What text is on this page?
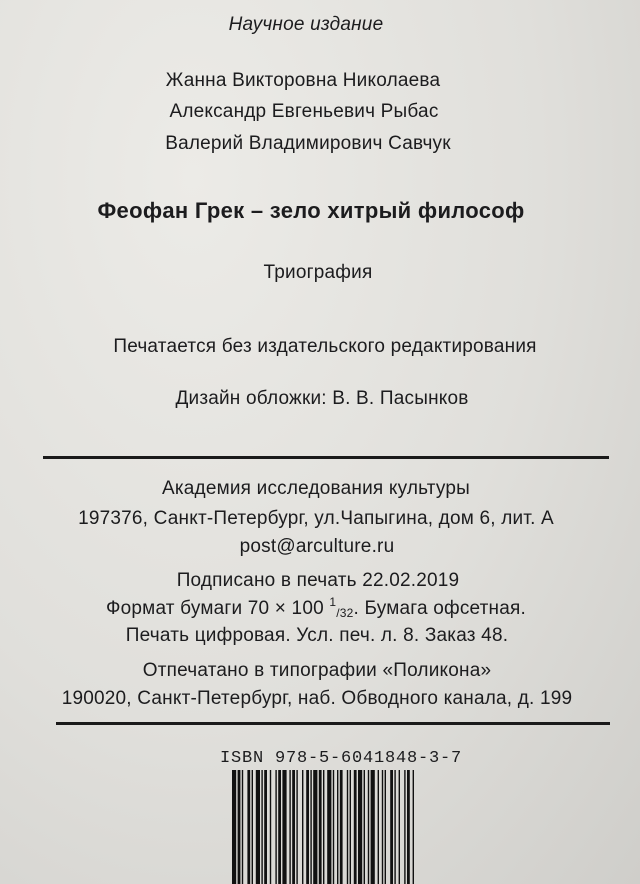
Научное издание
Жанна Викторовна Николаева
Александр Евгеньевич Рыбас
Валерий Владимирович Савчук
Феофан Грек – зело хитрый философ
Триография
Печатается без издательского редактирования
Дизайн обложки: В. В. Пасынков
Академия исследования культуры
197376, Санкт-Петербург, ул.Чапыгина, дом 6, лит. А
post@arculture.ru
Подписано в печать 22.02.2019
Формат бумаги 70 × 100 1/32. Бумага офсетная.
Печать цифровая. Усл. печ. л. 8. Заказ 48.
Отпечатано в типографии «Поликона»
190020, Санкт-Петербург, наб. Обводного канала, д. 199
ISBN 978-5-6041848-3-7
